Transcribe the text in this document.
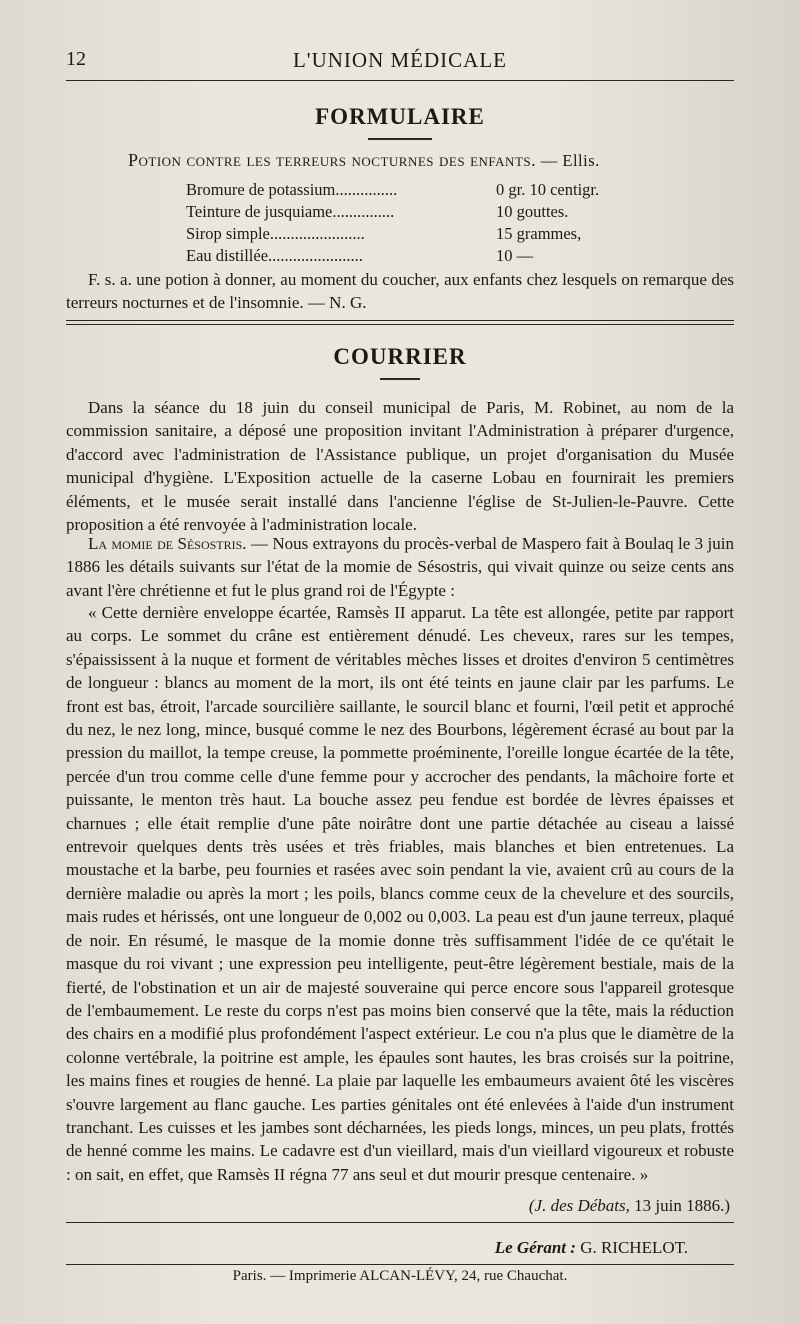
12	L'UNION MÉDICALE
FORMULAIRE
Potion contre les terreurs nocturnes des enfants. — Ellis.
Bromure de potassium...............	0 gr. 10 centigr.
Teinture de jusquiame...............	10 gouttes.
Sirop simple.......................	15 grammes,
Eau distillée.......................	10 —
F. s. a. une potion à donner, au moment du coucher, aux enfants chez lesquels on remarque des terreurs nocturnes et de l'insomnie. — N. G.
COURRIER
Dans la séance du 18 juin du conseil municipal de Paris, M. Robinet, au nom de la commission sanitaire, a déposé une proposition invitant l'Administration à préparer d'urgence, d'accord avec l'administration de l'Assistance publique, un projet d'organisation du Musée municipal d'hygiène. L'Exposition actuelle de la caserne Lobau en fournirait les premiers éléments, et le musée serait installé dans l'ancienne l'église de St-Julien-le-Pauvre. Cette proposition a été renvoyée à l'administration locale.
La momie de Sésostris. — Nous extrayons du procès-verbal de Maspero fait à Boulaq le 3 juin 1886 les détails suivants sur l'état de la momie de Sésostris, qui vivait quinze ou seize cents ans avant l'ère chrétienne et fut le plus grand roi de l'Égypte :
« Cette dernière enveloppe écartée, Ramsès II apparut. La tête est allongée, petite par rapport au corps. Le sommet du crâne est entièrement dénudé. Les cheveux, rares sur les tempes, s'épaississent à la nuque et forment de véritables mèches lisses et droites d'environ 5 centimètres de longueur : blancs au moment de la mort, ils ont été teints en jaune clair par les parfums. Le front est bas, étroit, l'arcade sourcilière saillante, le sourcil blanc et fourni, l'œil petit et approché du nez, le nez long, mince, busqué comme le nez des Bourbons, légèrement écrasé au bout par la pression du maillot, la tempe creuse, la pommette proéminente, l'oreille longue écartée de la tête, percée d'un trou comme celle d'une femme pour y accrocher des pendants, la mâchoire forte et puissante, le menton très haut. La bouche assez peu fendue est bordée de lèvres épaisses et charnues ; elle était remplie d'une pâte noirâtre dont une partie détachée au ciseau a laissé entrevoir quelques dents très usées et très friables, mais blanches et bien entretenues. La moustache et la barbe, peu fournies et rasées avec soin pendant la vie, avaient crû au cours de la dernière maladie ou après la mort ; les poils, blancs comme ceux de la chevelure et des sourcils, mais rudes et hérissés, ont une longueur de 0,002 ou 0,003. La peau est d'un jaune terreux, plaqué de noir. En résumé, le masque de la momie donne très suffisamment l'idée de ce qu'était le masque du roi vivant ; une expression peu intelligente, peut-être légèrement bestiale, mais de la fierté, de l'obstination et un air de majesté souveraine qui perce encore sous l'appareil grotesque de l'embaumement. Le reste du corps n'est pas moins bien conservé que la tête, mais la réduction des chairs en a modifié plus profondément l'aspect extérieur. Le cou n'a plus que le diamètre de la colonne vertébrale, la poitrine est ample, les épaules sont hautes, les bras croisés sur la poitrine, les mains fines et rougies de henné. La plaie par laquelle les embaumeurs avaient ôté les viscères s'ouvre largement au flanc gauche. Les parties génitales ont été enlevées à l'aide d'un instrument tranchant. Les cuisses et les jambes sont décharnées, les pieds longs, minces, un peu plats, frottés de henné comme les mains. Le cadavre est d'un vieillard, mais d'un vieillard vigoureux et robuste : on sait, en effet, que Ramsès II régna 77 ans seul et dut mourir presque centenaire. »
(J. des Débats, 13 juin 1886.)
Le Gérant : G. RICHELOT.
Paris. — Imprimerie ALCAN-LÉVY, 24, rue Chauchat.
